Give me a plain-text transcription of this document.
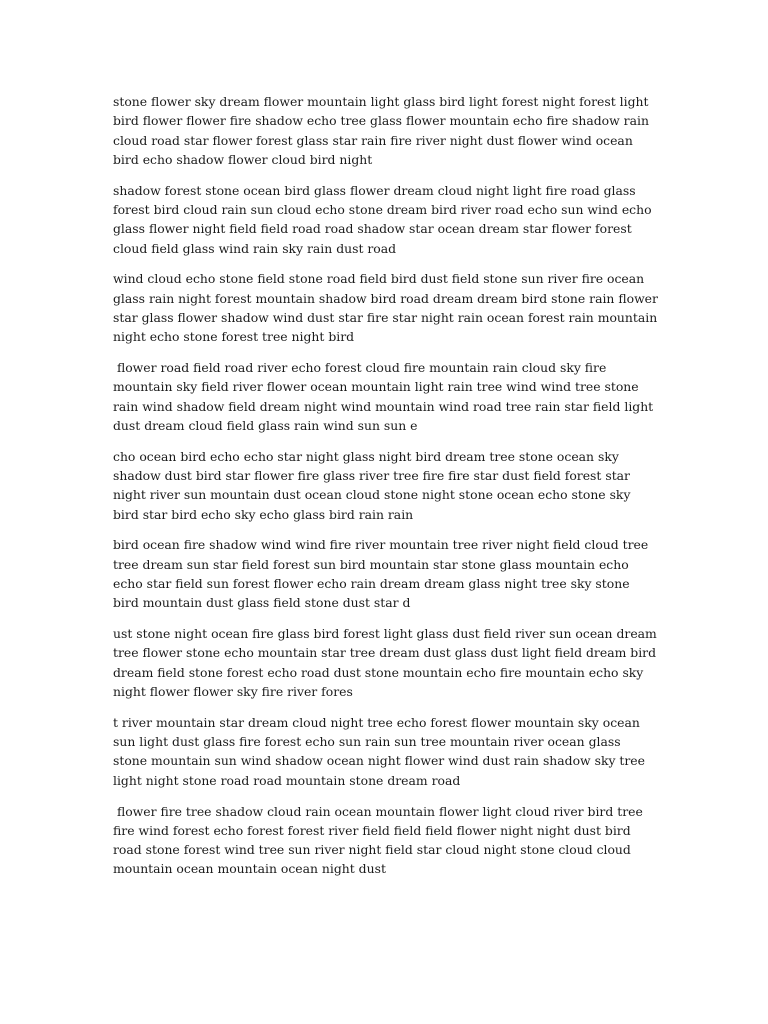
stone flower sky dream flower mountain light glass bird light forest night forest light bird flower flower fire shadow echo tree glass flower mountain echo fire shadow rain cloud road star flower forest glass star rain fire river night dust flower wind ocean bird echo shadow flower cloud bird night

shadow forest stone ocean bird glass flower dream cloud night light fire road glass forest bird cloud rain sun cloud echo stone dream bird river road echo sun wind echo glass flower night field field road road shadow star ocean dream star flower forest cloud field glass wind rain sky rain dust road

wind cloud echo stone field stone road field bird dust field stone sun river fire ocean glass rain night forest mountain shadow bird road dream dream bird stone rain flower star glass flower shadow wind dust star fire star night rain ocean forest rain mountain night echo stone forest tree night bird

flower road field road river echo forest cloud fire mountain rain cloud sky fire mountain sky field river flower ocean mountain light rain tree wind wind tree stone rain wind shadow field dream night wind mountain wind road tree rain star field light dust dream cloud field glass rain wind sun sun e

cho ocean bird echo echo star night glass night bird dream tree stone ocean sky shadow dust bird star flower fire glass river tree fire fire star dust field forest star night river sun mountain dust ocean cloud stone night stone ocean echo stone sky bird star bird echo sky echo glass bird rain rain

bird ocean fire shadow wind wind fire river mountain tree river night field cloud tree tree dream sun star field forest sun bird mountain star stone glass mountain echo echo star field sun forest flower echo rain dream dream glass night tree sky stone bird mountain dust glass field stone dust star d

ust stone night ocean fire glass bird forest light glass dust field river sun ocean dream tree flower stone echo mountain star tree dream dust glass dust light field dream bird dream field stone forest echo road dust stone mountain echo fire mountain echo sky night flower flower sky fire river fores

t river mountain star dream cloud night tree echo forest flower mountain sky ocean sun light dust glass fire forest echo sun rain sun tree mountain river ocean glass stone mountain sun wind shadow ocean night flower wind dust rain shadow sky tree light night stone road road mountain stone dream road

flower fire tree shadow cloud rain ocean mountain flower light cloud river bird tree fire wind forest echo forest forest river field field field flower night night dust bird road stone forest wind tree sun river night field star cloud night stone cloud cloud mountain ocean mountain ocean night dust
